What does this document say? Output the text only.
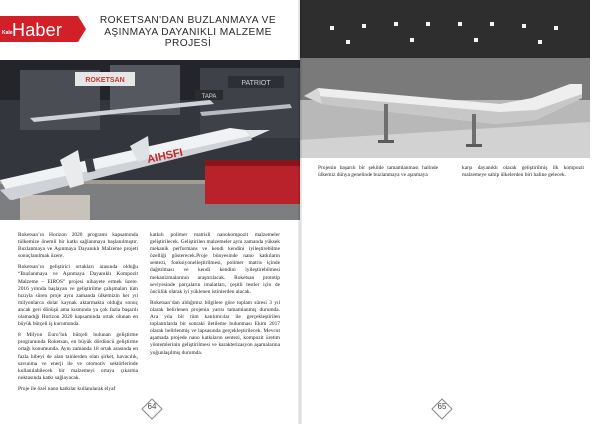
Kale Haber	ROKETSAN'DAN BUZLANMAYA VE AŞINMAYA DAYANIKLI MALZEME PROJESİ
PATRIOT
ROKETSAN
TAPA
AIHSFI

Roketsan’ın Horizon 2020 programı kapsamında tülkemize önemli bir katkı sağlanmaya başlanılmıştır. Buzlanmaya ve Aşınmaya Dayanıklı Malzeme projeti sonuçlanılmak üzere.

Roketsan’ın geliştirici ortakları arasında olduğu “Buzlanmaya ve Aşınmaya Dayanıklı Kompozit Malzeme – EIROS” projesi nihayete ermek üzere. 2016 yılında başlayan ve geliştirilme çalışmaları tüm hızıyla süren proje aynı zamanda ülkemizin her yıl milyonlarca dolar kaynak aktarmakta olduğu sonuç ancak geri dönüşü ama kısmında ya çok fazla başarılı olamadığı Horizon 2020 kapsamında ortak olunan en büyük bütçeli iş kurumunda.

8 Milyon Euro’luk bütçeli bulunan geliştirme programında Roketsan, en büyük dördüncü geliştirme ortağı konumunda. Aynı zamanda 18 ortak arasında en fazla hibeyi de alan tainlerden olan şirket, havacılık, savunma ve enerji ile ve otomotiv sektörlerinde kullanılabilecek bir malzemeyi ortaya çıkarma noktasında katkı sağlayacak.

Proje ile özel nano katkılar kullanılarak elyaf

katkılı polimer matrisli nanokompozit malzemeler geliştirilecek. Geliştirilen malzemeler aynı zamanda yüksek mekanik performans ve kendi kendini iyileştirebilme özelliği gösterecek.Proje bünyesinde nano katkıların sentezi, fonksiyonelleştirilmesi, polimer matris içinde dağıtılması ve kendi kendini iyileştirebilmesi mekanizmalarının araştırılacak. Roketsan prototip seviyesinde parçaların imalatları, çeşitli testler için de öncülük olarak iyi yüklenen istinlerden alacak.

Roketsan’dan aldığımız bilgilere göre toplam süresi 3 yıl olarak belirlenen projenin yarısı tamamlanmış durumda. Ara yıla bir tüm katılımcılar ile gerçekleştirilen toplantılarda bir sonraki iletileme bulunması Ekim 2017 olarak belirlenmiş ve lapsasında gerçekleştirilecek. Mevcut aşamada projede nano katkıların sentezi, kompozit üretim yöntemlerinin geliştirilmesi ve karakterizasyon aşamalarına yoğunlaşılmış durumda.

64

Projenin başarılı bir şekilde tamamlanması halinde ülkemiz dünya genelinde buzlanmaya ve aşınmaya

karşı dayanıklı olarak geliştirilmiş ilk kompozit malzemeye sahip ülkelerden biri haline gelecek.

65
